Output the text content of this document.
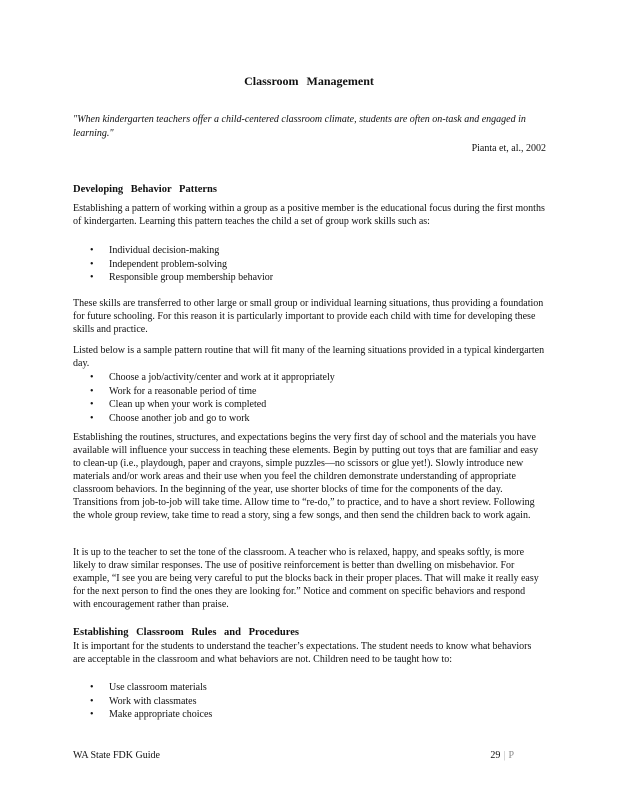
Classroom Management
"When kindergarten teachers offer a child‐centered classroom climate, students are often on‐task and engaged in learning."
Pianta et, al., 2002
Developing Behavior Patterns
Establishing a pattern of working within a group as a positive member is the educational focus during the first months of kindergarten. Learning this pattern teaches the child a set of group work skills such as:
• Individual decision‐making
• Independent problem‐solving
• Responsible group membership behavior
These skills are transferred to other large or small group or individual learning situations, thus providing a foundation for future schooling. For this reason it is particularly important to provide each child with time for developing these skills and practice.
Listed below is a sample pattern routine that will fit many of the learning situations provided in a typical kindergarten day.
• Choose a job/activity/center and work at it appropriately
• Work for a reasonable period of time
• Clean up when your work is completed
• Choose another job and go to work
Establishing the routines, structures, and expectations begins the very first day of school and the materials you have available will influence your success in teaching these elements. Begin by putting out toys that are familiar and easy to clean‐up (i.e., playdough, paper and crayons, simple puzzles—no scissors or glue yet!). Slowly introduce new materials and/or work areas and their use when you feel the children demonstrate understanding of appropriate classroom behaviors. In the beginning of the year, use shorter blocks of time for the components of the day. Transitions from job‐to‐job will take time. Allow time to “re‐do,” to practice, and to have a short review. Following the whole group review, take time to read a story, sing a few songs, and then send the children back to work again.
It is up to the teacher to set the tone of the classroom. A teacher who is relaxed, happy, and speaks softly, is more likely to draw similar responses. The use of positive reinforcement is better than dwelling on misbehavior. For example, “I see you are being very careful to put the blocks back in their proper places. That will make it really easy for the next person to find the ones they are looking for.” Notice and comment on specific behaviors and respond with encouragement rather than praise.
Establishing Classroom Rules and Procedures
It is important for the students to understand the teacher’s expectations. The student needs to know what behaviors are acceptable in the classroom and what behaviors are not. Children need to be taught how to:
• Use classroom materials
• Work with classmates
• Make appropriate choices
WA State FDK Guide	29 | P
